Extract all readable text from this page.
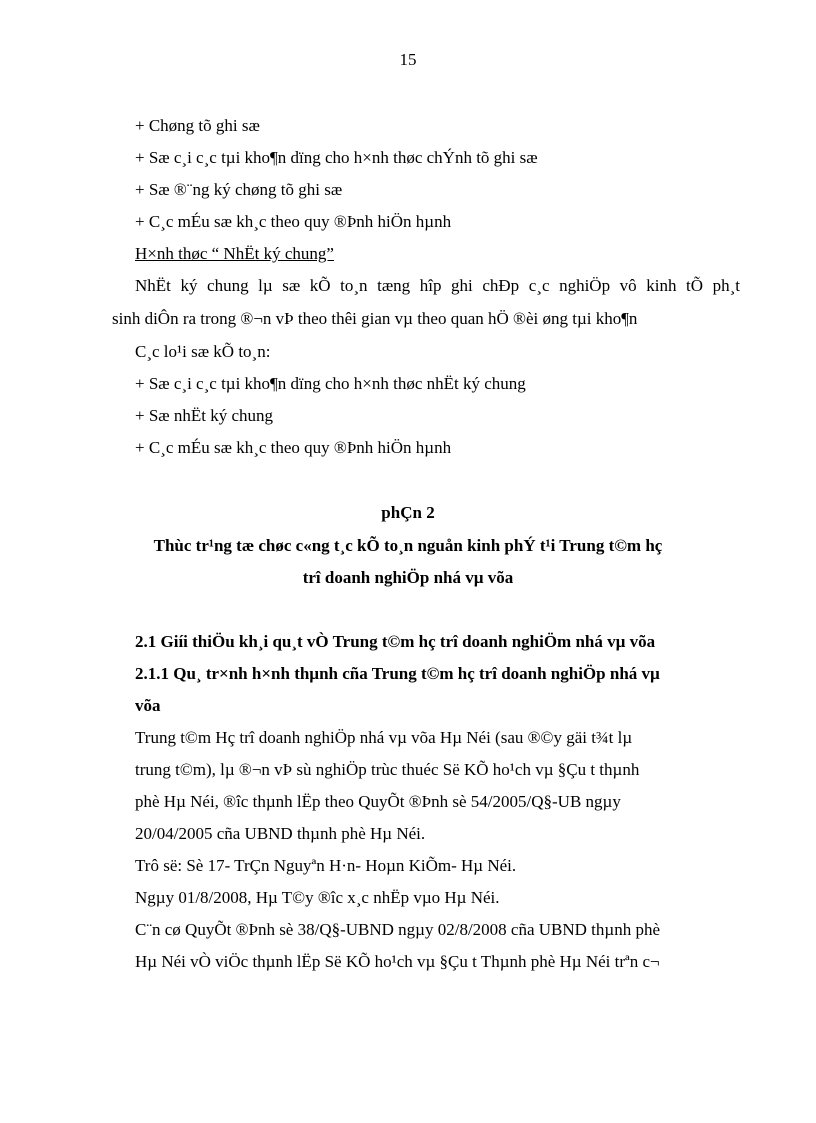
15
+ Chøng tõ ghi sæ
+ Sæ c¸i c¸c tµi kho¶n dïng cho h×nh thøc chÝnh tõ ghi sæ
+ Sæ ®¨ng ký chøng tõ ghi sæ
+ C¸c mÉu sæ kh¸c theo quy ®Þnh hiÖn hµnh
H×nh thøc “ NhËt ký chung”
NhËt ký chung lµ sæ kÕ to¸n tæng hîp ghi chÐp c¸c nghiÖp vô kinh tÕ ph¸t
sinh diÔn ra trong ®¬n vÞ theo thêi gian vµ theo quan hÖ ®èi øng tµi kho¶n
C¸c lo¹i sæ kÕ to¸n:
+ Sæ c¸i c¸c tµi kho¶n dïng cho h×nh thøc nhËt ký chung
+ Sæ nhËt ký chung
+ C¸c mÉu sæ kh¸c theo quy ®Þnh hiÖn hµnh
phÇn 2
Thùc tr¹ng tæ chøc c«ng t¸c kÕ to¸n nguån kinh phÝ t¹i Trung t©m hç
trî doanh nghiÖp nhá vµ võa
2.1 Giíi thiÖu kh¸i qu¸t vÒ Trung t©m hç trî doanh nghiÖm nhá vµ võa
2.1.1 Qu¸ tr×nh h×nh thµnh cña Trung t©m hç trî doanh nghiÖp nhá vµ
võa
Trung t©m Hç trî doanh nghiÖp nhá vµ võa Hµ Néi (sau ®©y gäi t¾t lµ
trung t©m), lµ ®¬n vÞ sù nghiÖp trùc thuéc Së KÕ ho¹ch vµ §Çu t thµnh
phè Hµ Néi, ®îc thµnh lËp theo QuyÕt ®Þnh sè 54/2005/Q§-UB ngµy
20/04/2005 cña UBND thµnh phè Hµ Néi.
Trô së: Sè 17- TrÇn Nguyªn H·n- Hoµn KiÕm- Hµ Néi.
Ngµy 01/8/2008, Hµ T©y ®îc x¸c nhËp vµo Hµ Néi.
C¨n cø QuyÕt ®Þnh sè 38/Q§-UBND ngµy 02/8/2008 cña UBND thµnh phè
Hµ Néi vÒ viÖc thµnh lËp Së KÕ ho¹ch vµ §Çu t Thµnh phè Hµ Néi trªn c¬
